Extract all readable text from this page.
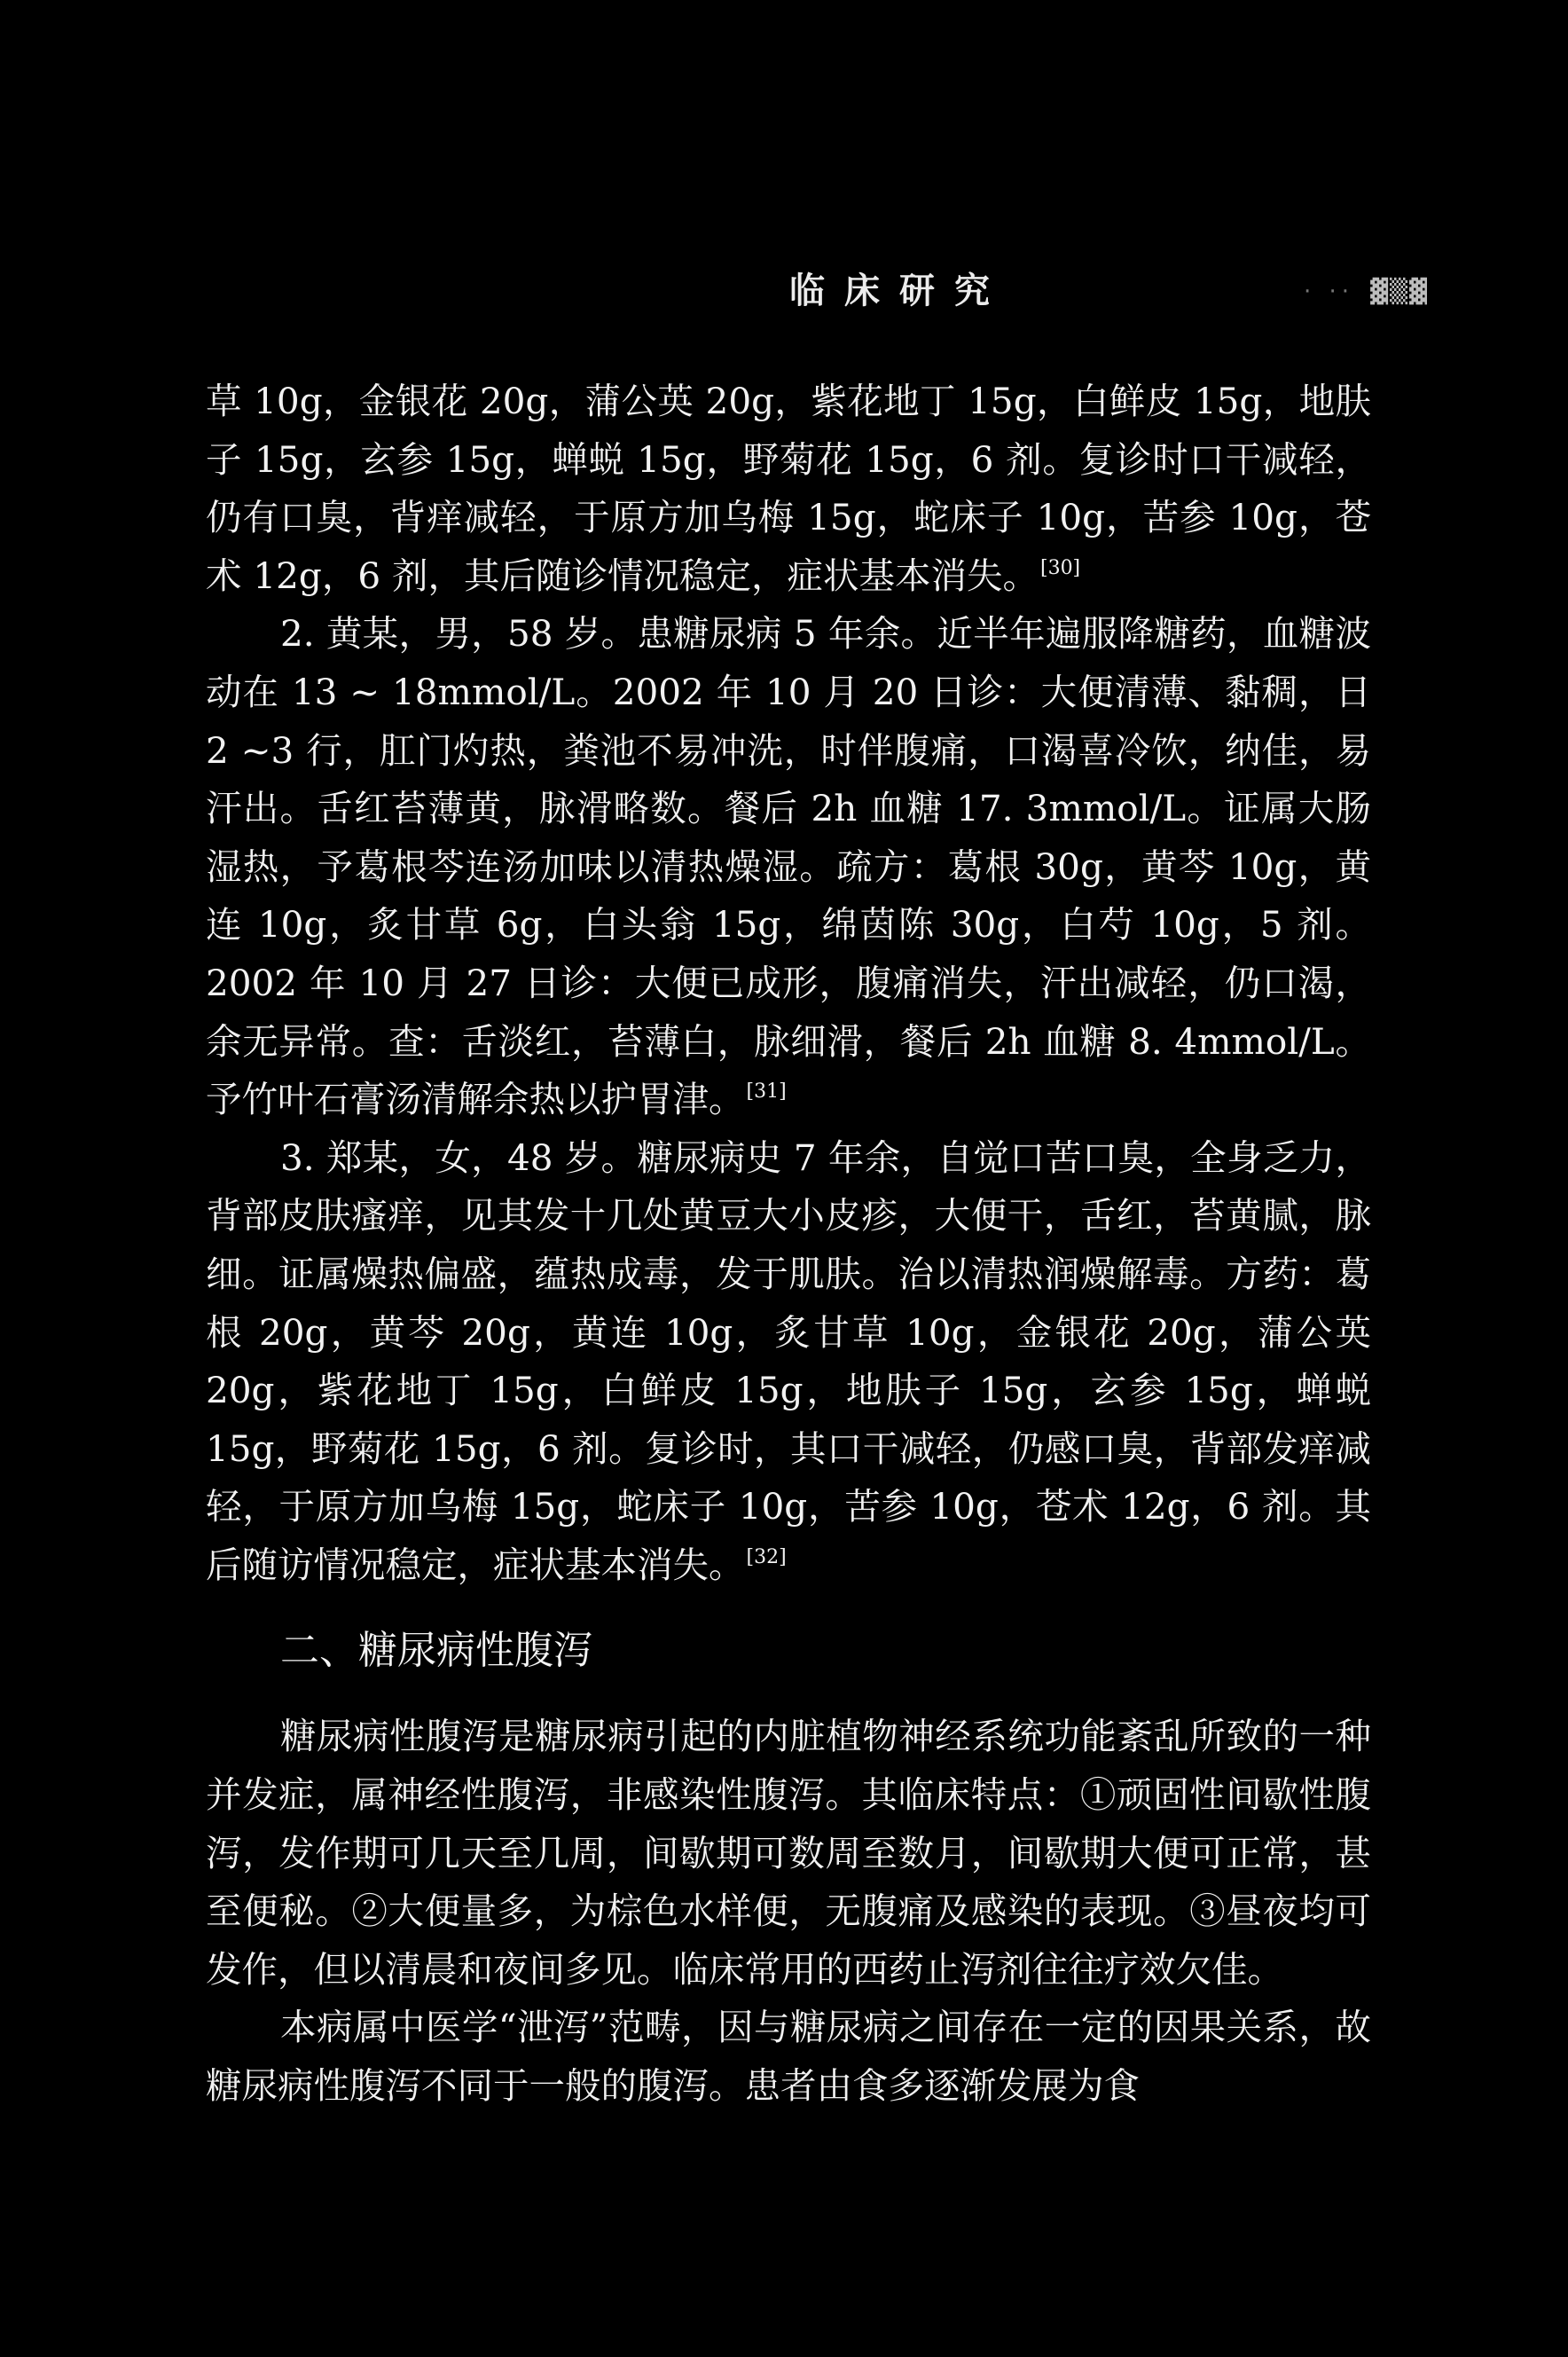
临床研究	· ·· ▓▒▓

草 10g，金银花 20g，蒲公英 20g，紫花地丁 15g，白鲜皮 15g，地肤子 15g，玄参 15g，蝉蜕 15g，野菊花 15g，6 剂。复诊时口干减轻，仍有口臭，背痒减轻，于原方加乌梅 15g，蛇床子 10g，苦参 10g，苍术 12g，6 剂，其后随诊情况稳定，症状基本消失。[30]

2. 黄某，男，58 岁。患糖尿病 5 年余。近半年遍服降糖药，血糖波动在 13 ~ 18mmol/L。2002 年 10 月 20 日诊：大便清薄、黏稠，日 2 ~3 行，肛门灼热，粪池不易冲洗，时伴腹痛，口渴喜冷饮，纳佳，易汗出。舌红苔薄黄，脉滑略数。餐后 2h 血糖 17. 3mmol/L。证属大肠湿热，予葛根芩连汤加味以清热燥湿。疏方：葛根 30g，黄芩 10g，黄连 10g，炙甘草 6g，白头翁 15g，绵茵陈 30g，白芍 10g，5 剂。2002 年 10 月 27 日诊：大便已成形，腹痛消失，汗出减轻，仍口渴，余无异常。查：舌淡红，苔薄白，脉细滑，餐后 2h 血糖 8. 4mmol/L。予竹叶石膏汤清解余热以护胃津。[31]

3. 郑某，女，48 岁。糖尿病史 7 年余，自觉口苦口臭，全身乏力，背部皮肤瘙痒，见其发十几处黄豆大小皮疹，大便干，舌红，苔黄腻，脉细。证属燥热偏盛，蕴热成毒，发于肌肤。治以清热润燥解毒。方药：葛根 20g，黄芩 20g，黄连 10g，炙甘草 10g，金银花 20g，蒲公英 20g，紫花地丁 15g，白鲜皮 15g，地肤子 15g，玄参 15g，蝉蜕 15g，野菊花 15g，6 剂。复诊时，其口干减轻，仍感口臭，背部发痒减轻，于原方加乌梅 15g，蛇床子 10g，苦参 10g，苍术 12g，6 剂。其后随访情况稳定，症状基本消失。[32]

二、糖尿病性腹泻

糖尿病性腹泻是糖尿病引起的内脏植物神经系统功能紊乱所致的一种并发症，属神经性腹泻，非感染性腹泻。其临床特点：①顽固性间歇性腹泻，发作期可几天至几周，间歇期可数周至数月，间歇期大便可正常，甚至便秘。②大便量多，为棕色水样便，无腹痛及感染的表现。③昼夜均可发作，但以清晨和夜间多见。临床常用的西药止泻剂往往疗效欠佳。

本病属中医学“泄泻”范畴，因与糖尿病之间存在一定的因果关系，故糖尿病性腹泻不同于一般的腹泻。患者由食多逐渐发展为食
